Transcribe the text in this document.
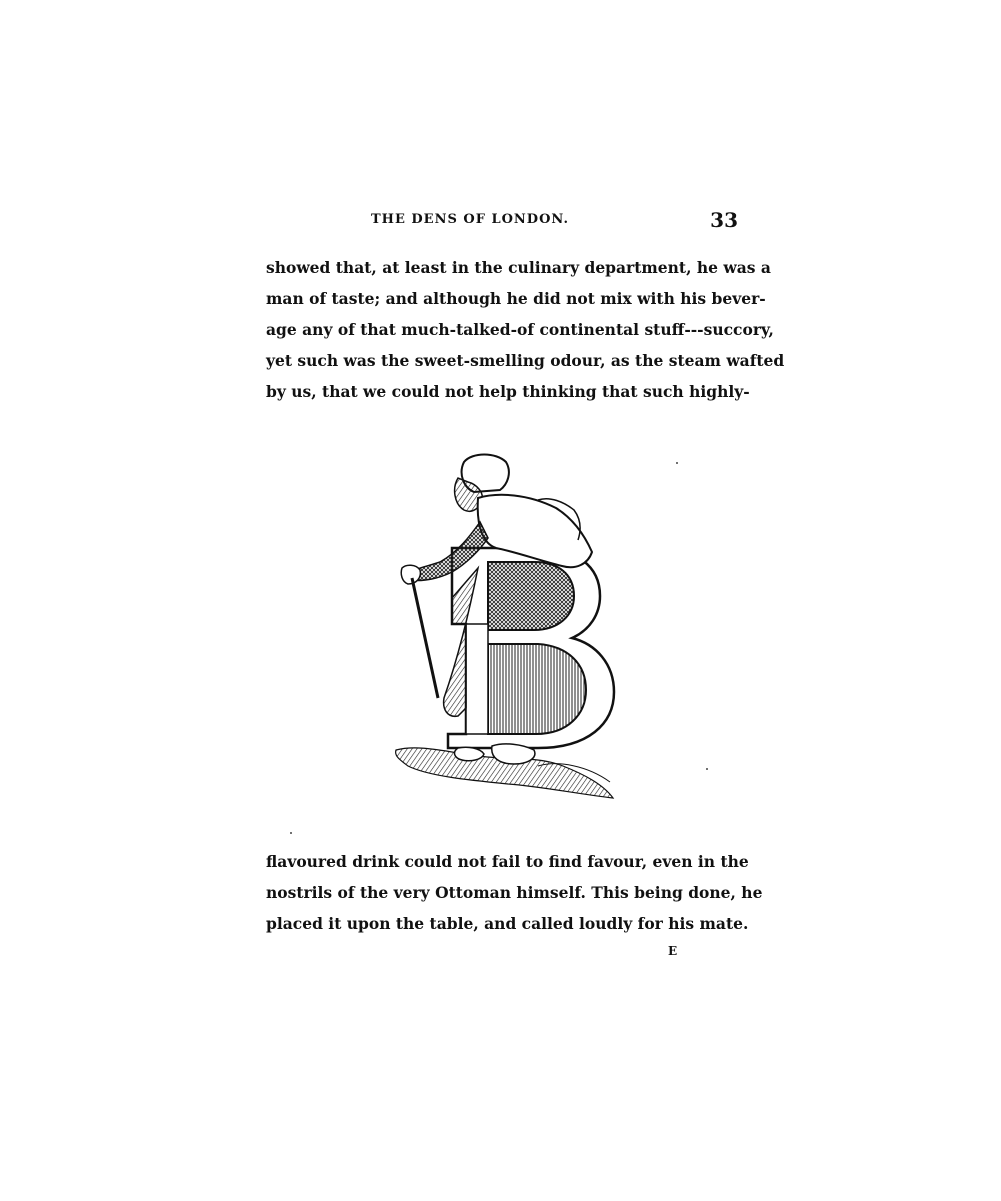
THE DENS OF LONDON.	33
showed that, at least in the culinary department, he was a
man of taste; and although he did not mix with his bever-
age any of that much-talked-of continental stuff---succory,
yet such was the sweet-smelling odour, as the steam wafted
by us, that we could not help thinking that such highly-
flavoured drink could not fail to find favour, even in the
nostrils of the very Ottoman himself. This being done, he
placed it upon the table, and called loudly for his mate.
E
